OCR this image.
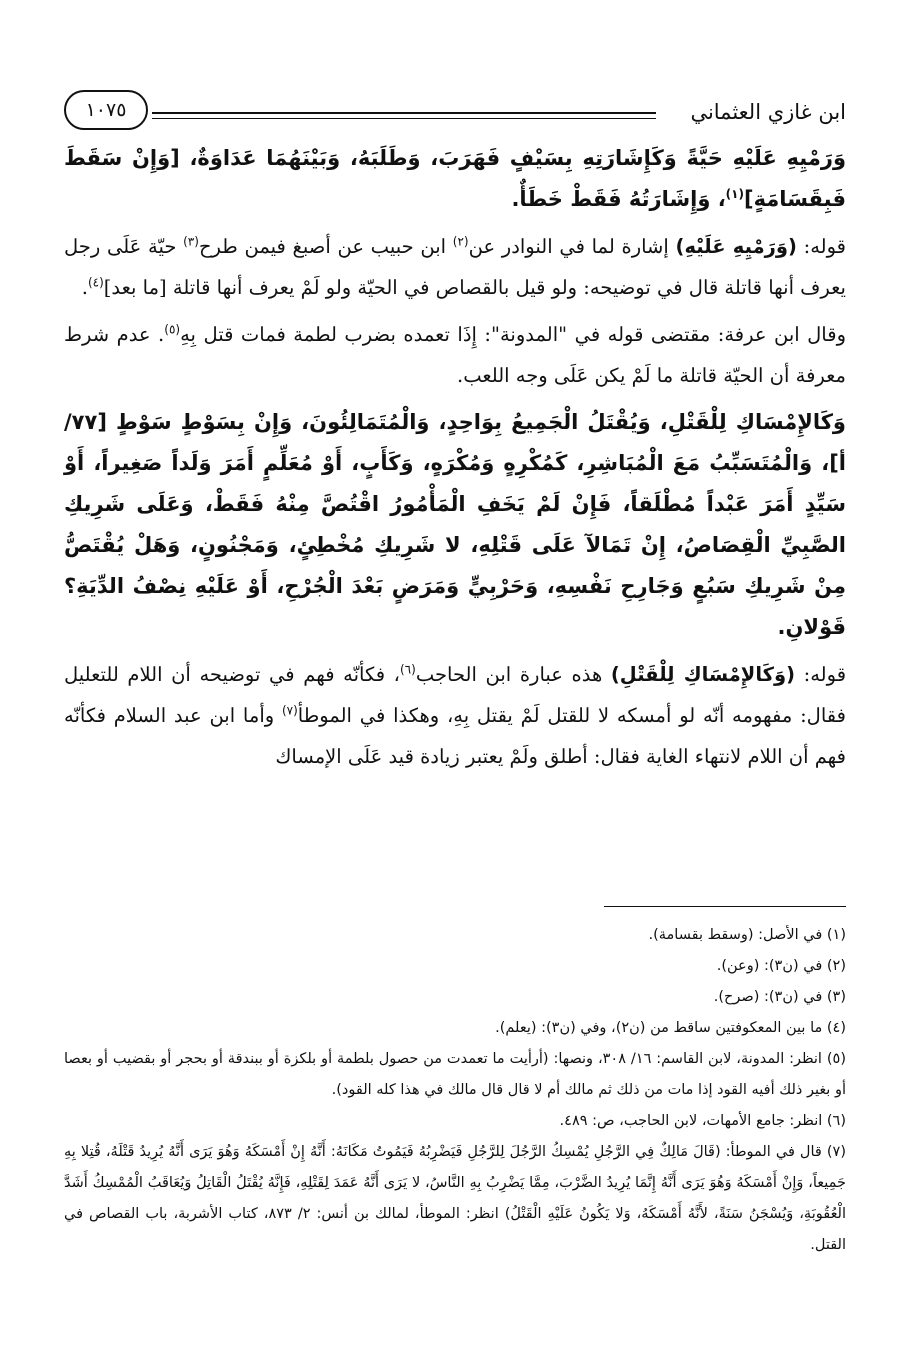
ابن غازي العثماني
١٠٧٥

وَرَمْيِهِ عَلَيْهِ حَيَّةً وَكَإِشَارَتِهِ بِسَيْفٍ فَهَرَبَ، وَطَلَبَهُ، وَبَيْنَهُمَا عَدَاوَةٌ، [وَإِنْ سَقَطَ فَبِقَسَامَةٍ]$^{(١)}$، وَإِشَارَتُهُ فَقَطْ خَطَأٌ.

قوله: (وَرَمْيِهِ عَلَيْهِ) إشارة لما في النوادر عن$^{(٢)}$ ابن حبيب عن أصبغ فيمن طرح$^{(٣)}$ حيّة عَلَى رجل يعرف أنها قاتلة قال في توضيحه: ولو قيل بالقصاص في الحيّة ولو لَمْ يعرف أنها قاتلة [ما بعد]$^{(٤)}$.

وقال ابن عرفة: مقتضى قوله في "المدونة": إِذَا تعمده بضرب لطمة فمات قتل بِهِ$^{(٥)}$. عدم شرط معرفة أن الحيّة قاتلة ما لَمْ يكن عَلَى وجه اللعب.

وَكَالإِمْسَاكِ لِلْقَتْلِ، وَيُقْتَلُ الْجَمِيعُ بِوَاحِدٍ، وَالْمُتَمَالِئُونَ، وَإِنْ بِسَوْطٍ سَوْطٍ [٧٧/أ]، وَالْمُتَسَبِّبُ مَعَ الْمُبَاشِرِ، كَمُكْرِهٍ وَمُكْرَهٍ، وَكَأَبٍ، أَوْ مُعَلِّمٍ أَمَرَ وَلَداً صَغِيراً، أَوْ سَيِّدٍ أَمَرَ عَبْداً مُطْلَقاً، فَإِنْ لَمْ يَخَفِ الْمَأْمُورُ اقْتُصَّ مِنْهُ فَقَطْ، وَعَلَى شَرِيكِ الصَّبِيِّ الْقِصَاصُ، إِنْ تَمَالآ عَلَى قَتْلِهِ، لا شَرِيكِ مُخْطِئٍ، وَمَجْنُونٍ، وَهَلْ يُقْتَصُّ مِنْ شَرِيكِ سَبُعٍ وَجَارِحِ نَفْسِهِ، وَحَرْبِيٍّ وَمَرَضٍ بَعْدَ الْجُرْحِ، أَوْ عَلَيْهِ نِصْفُ الدِّيَةِ؟ قَوْلانِ.

قوله: (وَكَالإِمْسَاكِ لِلْقَتْلِ) هذه عبارة ابن الحاجب$^{(٦)}$، فكأنّه فهم في توضيحه أن اللام للتعليل فقال: مفهومه أنّه لو أمسكه لا للقتل لَمْ يقتل بِهِ، وهكذا في الموطأ$^{(٧)}$ وأما ابن عبد السلام فكأنّه فهم أن اللام لانتهاء الغاية فقال: أطلق ولَمْ يعتبر زيادة قيد عَلَى الإمساك

(١) في الأصل: (وسقط بقسامة).

(٢) في (ن٣): (وعن).

(٣) في (ن٣): (صرح).

(٤) ما بين المعكوفتين ساقط من (ن٢)، وفي (ن٣): (يعلم).

(٥) انظر: المدونة، لابن القاسم: ١٦/ ٣٠٨، ونصها: (أرأيت ما تعمدت من حصول بلطمة أو بلكزة أو ببندقة أو بحجر أو بقضيب أو بعصا أو بغير ذلك أفيه القود إذا مات من ذلك ثم مالك أم لا قال قال مالك في هذا كله القود).

(٦) انظر: جامع الأمهات، لابن الحاجب، ص: ٤٨٩.

(٧) قال في الموطأ: (قَالَ مَالِكٌ فِي الرَّجُلِ يُمْسِكُ الرَّجُلَ لِلرَّجُلِ فَيَضْرِبُهُ فَيَمُوتُ مَكَانَهُ: أَنَّهُ إِنْ أَمْسَكَهُ وَهُوَ يَرَى أَنَّهُ يُرِيدُ قَتْلَهُ، قُتِلا بِهِ جَمِيعاً، وَإِنْ أَمْسَكَهُ وَهُوَ يَرَى أَنَّهُ إِنَّمَا يُرِيدُ الضَّرْبَ، مِمَّا يَضْرِبُ بِهِ النَّاسُ، لا يَرَى أَنَّهُ عَمَدَ لِقَتْلِهِ، فَإِنَّهُ يُقْتَلُ الْقَاتِلُ وَيُعَاقَبُ الْمُمْسِكُ أَشَدَّ الْعُقُوبَةِ، وَيُسْجَنُ سَنَةً، لأَنَّهُ أَمْسَكَهُ، وَلا يَكُونُ عَلَيْهِ الْقَتْلُ) انظر: الموطأ، لمالك بن أنس: ٢/ ٨٧٣، كتاب الأشربة، باب القصاص في القتل.
